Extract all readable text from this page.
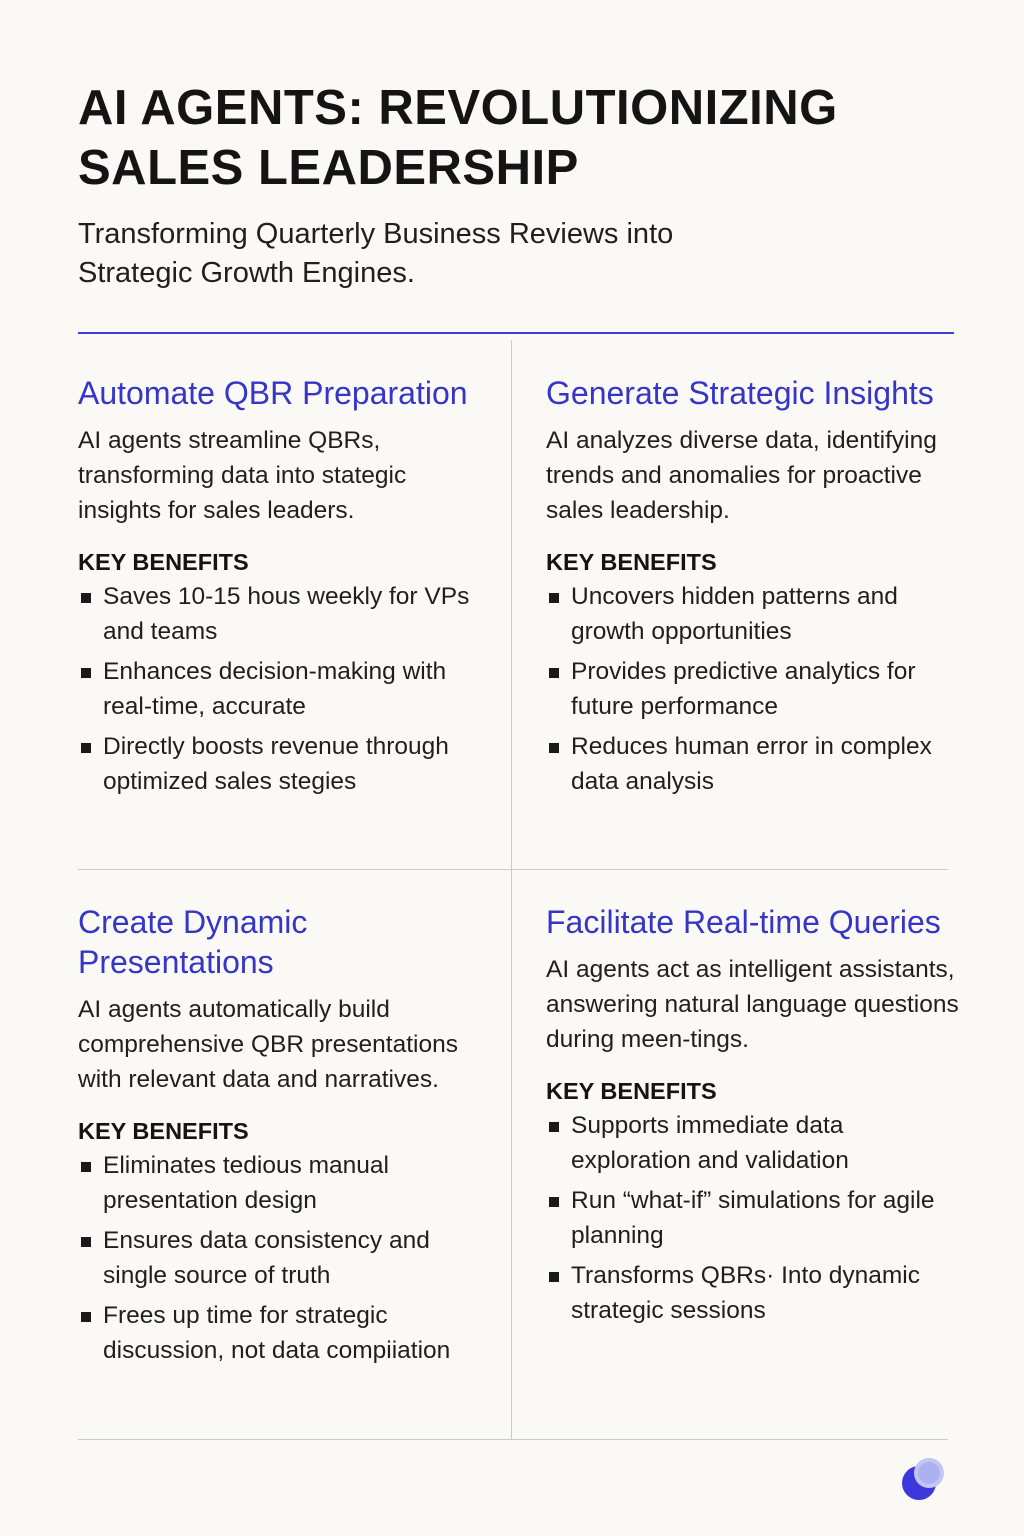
AI AGENTS: REVOLUTIONIZING SALES LEADERSHIP

Transforming Quarterly Business Reviews into Strategic Growth Engines.

Automate QBR Preparation

AI agents streamline QBRs, transforming data into stategic insights for sales leaders.

KEY BENEFITS
Saves 10-15 hous weekly for VPs and teams
Enhances decision-making with real-time, accurate
Directly boosts revenue through optimized sales stegies
Generate Strategic Insights

AI analyzes diverse data, identifying trends and anomalies for proactive sales leadership.

KEY BENEFITS
Uncovers hidden patterns and growth opportunities
Provides predictive analytics for future performance
Reduces human error in complex data analysis
Create Dynamic Presentations

AI agents automatically build comprehensive QBR presentations with relevant data and narratives.

KEY BENEFITS
Eliminates tedious manual presentation design
Ensures data consistency and single source of truth
Frees up time for strategic discussion, not data compiiation
Facilitate Real-time Queries

AI agents act as intelligent assistants, answering natural language questions during meen-tings.

KEY BENEFITS
Supports immediate data exploration and validation
Run “what-if” simulations for agile planning
Transforms QBRs· Into dynamic strategic sessions
